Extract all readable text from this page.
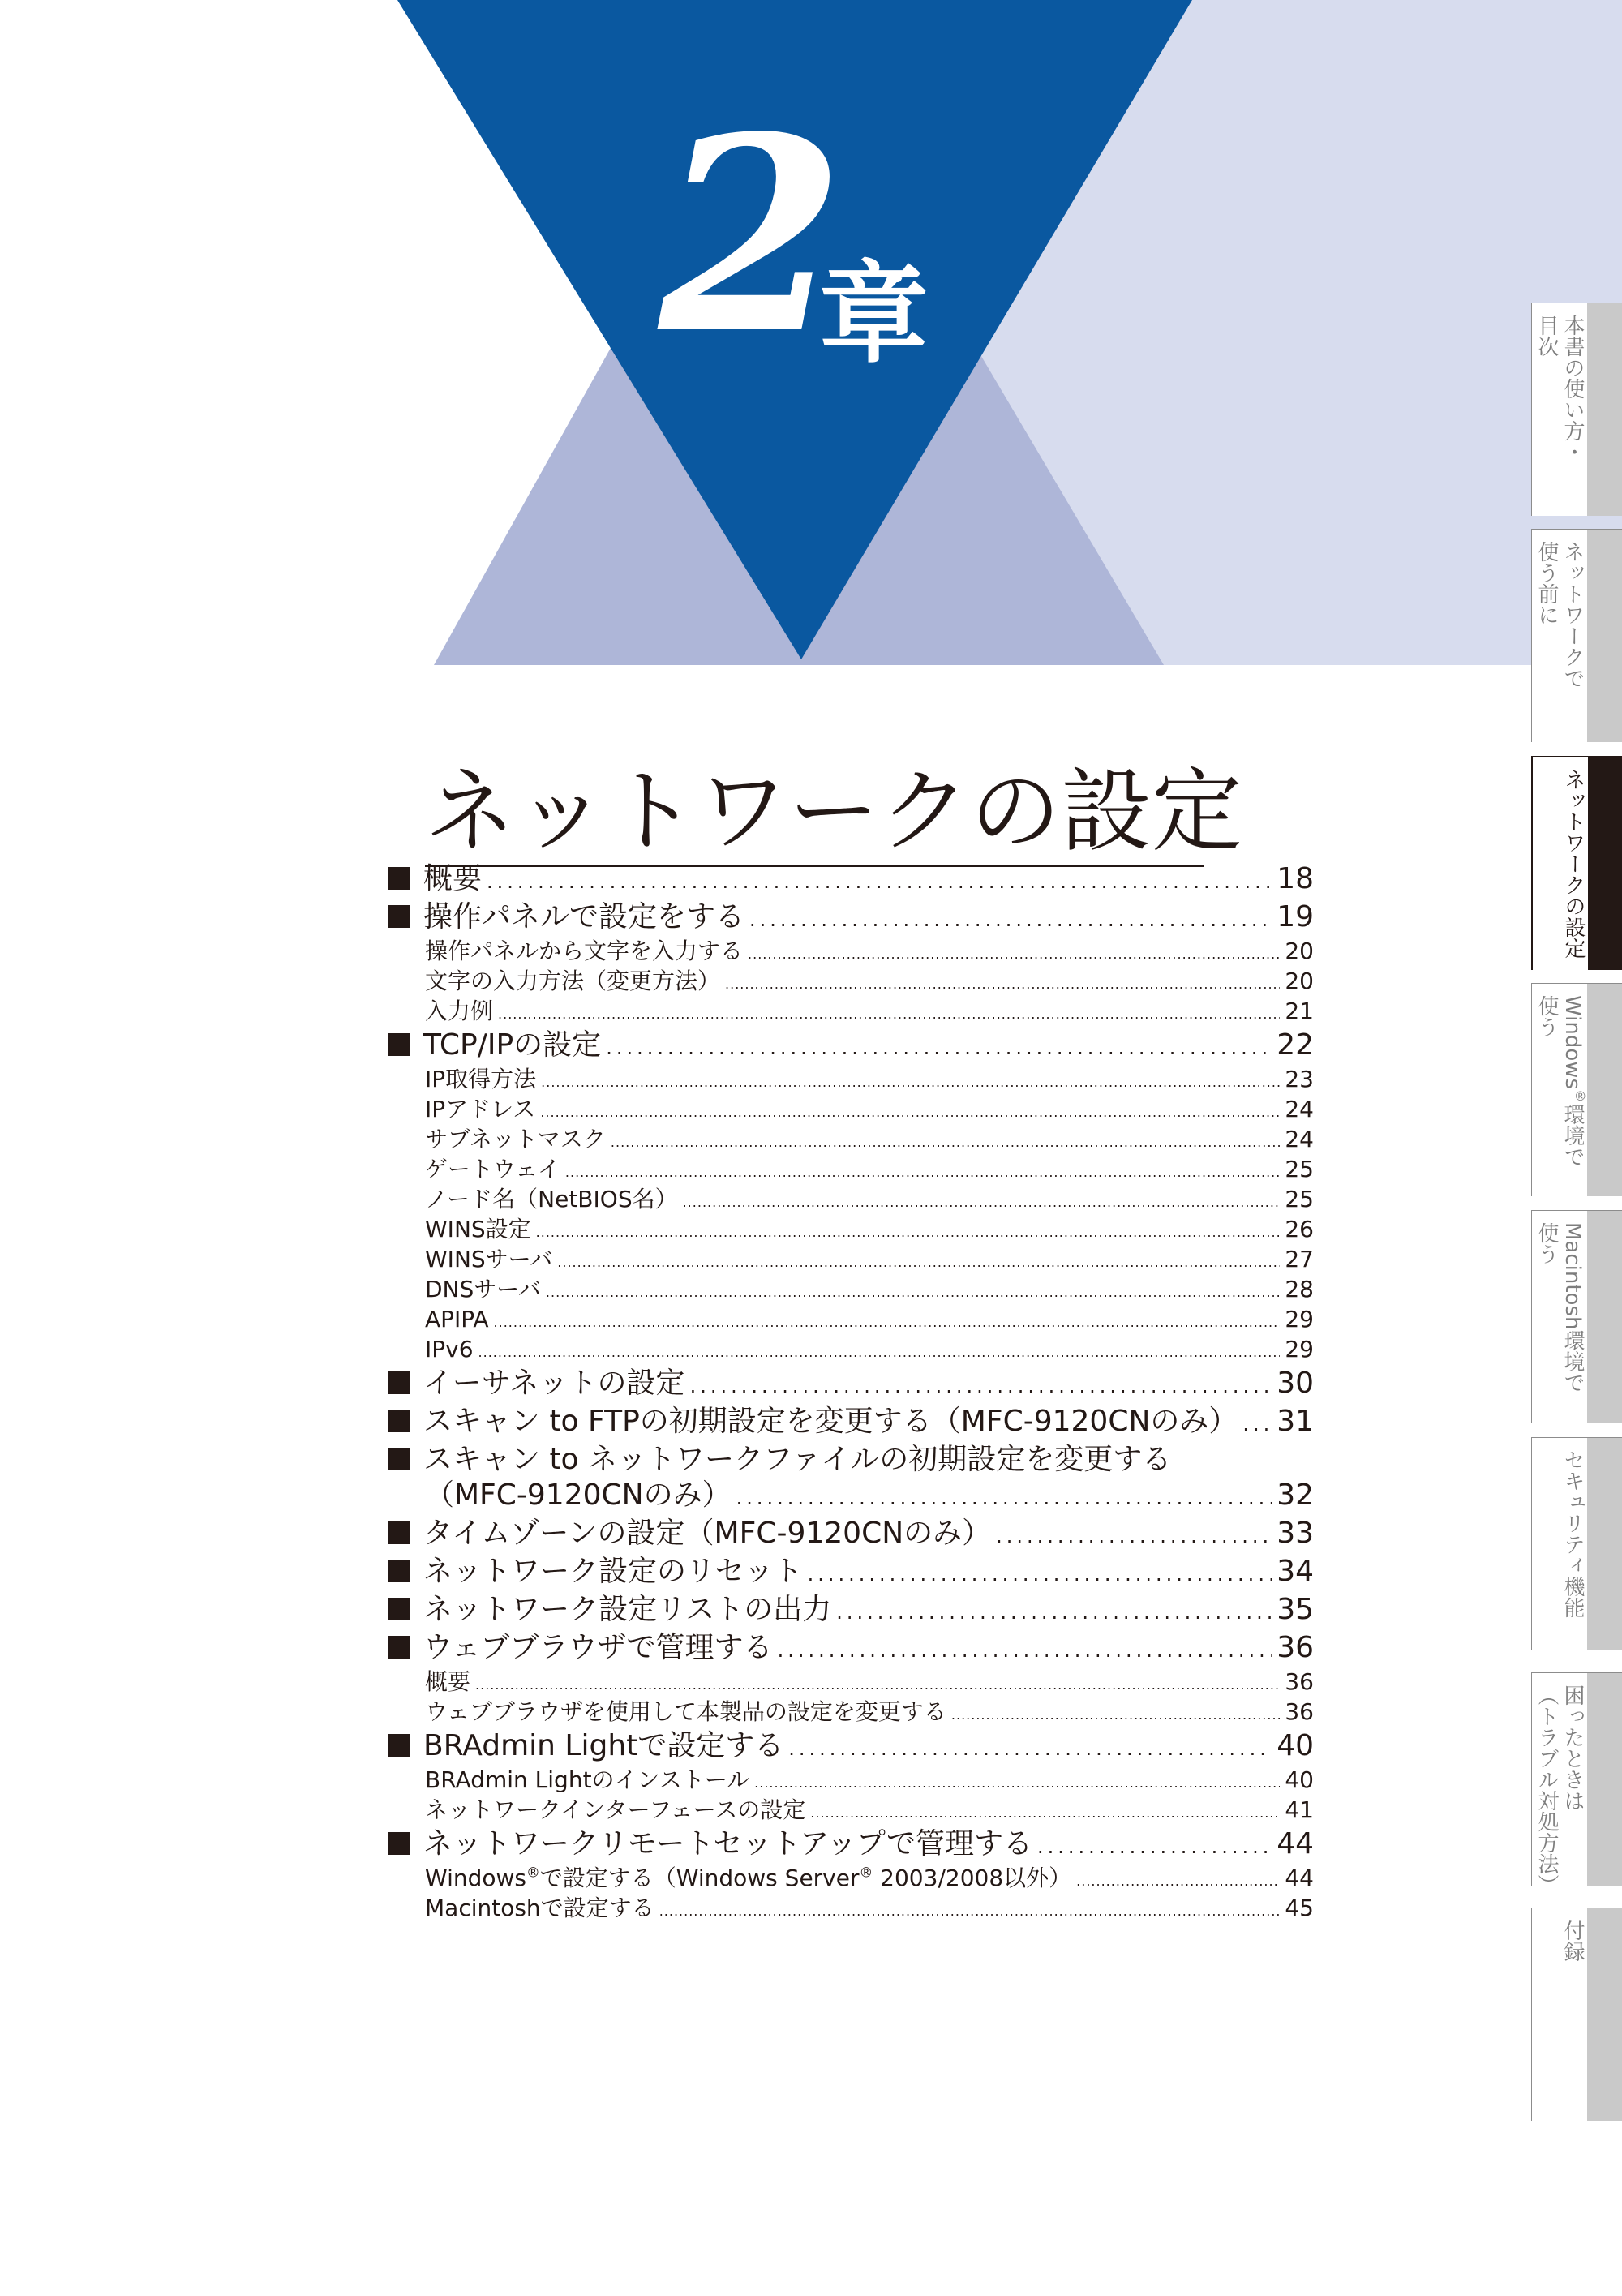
2
章
ネットワークの設定
概要 .....	18
操作パネルで設定をする .....	19
操作パネルから文字を入力する .....	20
文字の入力方法（変更方法） .....	20
入力例 .....	21
TCP/IPの設定 .....	22
IP取得方法 .....	23
IPアドレス .....	24
サブネットマスク .....	24
ゲートウェイ .....	25
ノード名（NetBIOS名） .....	25
WINS設定 .....	26
WINSサーバ .....	27
DNSサーバ .....	28
APIPA .....	29
IPv6 .....	29
イーサネットの設定 .....	30
スキャン to FTPの初期設定を変更する（MFC-9120CNのみ） ..... 31
スキャン to ネットワークファイルの初期設定を変更する
（MFC-9120CNのみ） .....	32
タイムゾーンの設定（MFC-9120CNのみ） .....	33
ネットワーク設定のリセット .....	34
ネットワーク設定リストの出力 .....	35
ウェブブラウザで管理する .....	36
概要 .....	36
ウェブブラウザを使用して本製品の設定を変更する .....	36
BRAdmin Lightで設定する .....	40
BRAdmin Lightのインストール .....	40
ネットワークインターフェースの設定 .....	41
ネットワークリモートセットアップで管理する .....	44
Windows®で設定する（Windows Server® 2003/2008以外） .....	44
Macintoshで設定する .....	45
本書の使い方・
目次
ネットワークで
使う前に
ネットワークの設定
Windows®環境で
使う
Macintosh環境で
使う
セキュリティ機能
困ったときは
（トラブル対処方法）
付録
